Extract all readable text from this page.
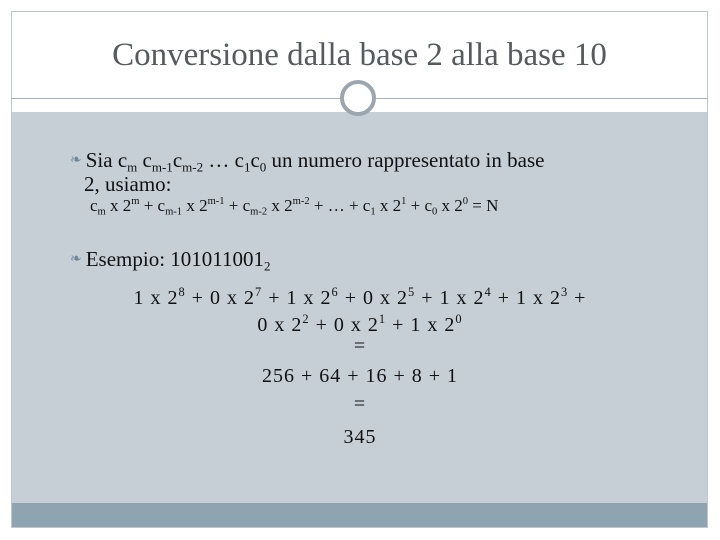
Conversione dalla base 2 alla base 10
❧ Sia $c_m$ $c_{m-1}c_{m-2}$ … $c_1c_0$ un numero rappresentato in base
2, usiamo:
$c_m$ x $2^m + c_{m-1}$ x $2^{m-1} + c_{m-2}$ x $2^{m-2}$ + … + $c_1$ x $2^1 + c_0$ x $2^0 = N$
❧ Esempio: $101011001_2$
1 x $2^8 + 0$ x $2^7 + 1$ x $2^6 + 0$ x $2^5 + 1$ x $2^4 + 1$ x $2^3$ +
0 x $2^2 + 0$ x $2^1 + 1$ x $2^0$
=
256 + 64 + 16 + 8 + 1
=
345
